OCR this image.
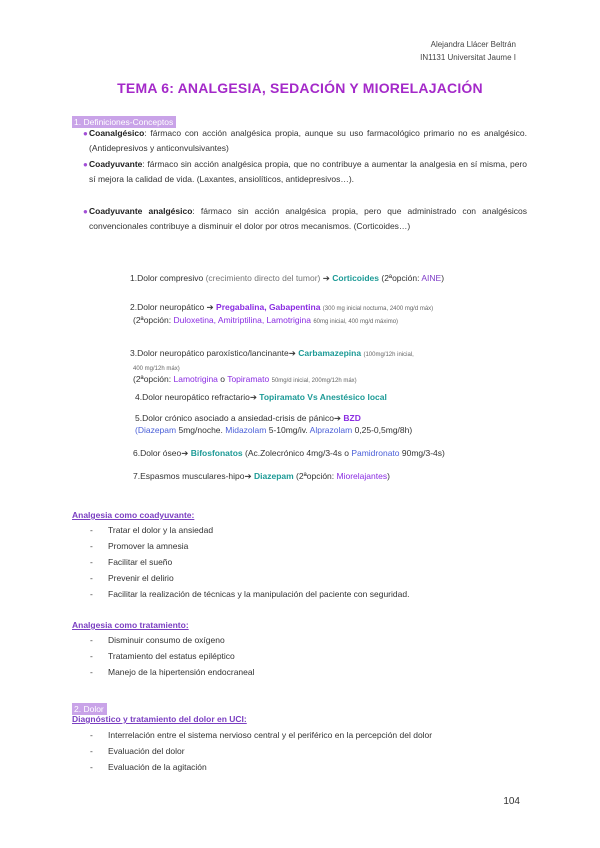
Alejandra Llácer Beltrán
IN1131 Universitat Jaume I
TEMA 6: ANALGESIA, SEDACIÓN Y MIORELAJACIÓN
1. Definiciones-Conceptos
● Coanalgésico: fármaco con acción analgésica propia, aunque su uso farmacológico primario no es analgésico. (Antidepresivos y anticonvulsivantes)
● Coadyuvante: fármaco sin acción analgésica propia, que no contribuye a aumentar la analgesia en sí misma, pero sí mejora la calidad de vida. (Laxantes, ansiolíticos, antidepresivos…).
● Coadyuvante analgésico: fármaco sin acción analgésica propia, pero que administrado con analgésicos convencionales contribuye a disminuir el dolor por otros mecanismos. (Corticoides…)
1.Dolor compresivo (crecimiento directo del tumor) ➔ Corticoides (2ªopción: AINE)
2.Dolor neuropático ➔ Pregabalina, Gabapentina (300 mg inicial nocturna, 2400 mg/d máx)
(2ªopción: Duloxetina, Amitriptilina, Lamotrigina 60mg inicial, 400 mg/d máximo)
3.Dolor neuropático paroxístico/lancinante➔ Carbamazepina (100mg/12h inicial,
400 mg/12h máx)
(2ªopción: Lamotrigina o Topiramato 50mg/d inicial, 200mg/12h máx)
4.Dolor neuropático refractario➔ Topiramato Vs Anestésico local
5.Dolor crónico asociado a ansiedad-crisis de pánico➔ BZD
(Diazepam 5mg/noche. Midazolam 5-10mg/iv. Alprazolam 0,25-0,5mg/8h)
6.Dolor óseo➔ Bifosfonatos (Ac.Zolecrónico 4mg/3-4s o Pamidronato 90mg/3-4s)
7.Espasmos musculares-hipo➔ Diazepam (2ªopción: Miorelajantes)
Analgesia como coadyuvante:
- Tratar el dolor y la ansiedad
- Promover la amnesia
- Facilitar el sueño
- Prevenir el delirio
- Facilitar la realización de técnicas y la manipulación del paciente con seguridad.
Analgesia como tratamiento:
- Disminuir consumo de oxígeno
- Tratamiento del estatus epiléptico
- Manejo de la hipertensión endocraneal
2. Dolor
Diagnóstico y tratamiento del dolor en UCI:
- Interrelación entre el sistema nervioso central y el periférico en la percepción del dolor
- Evaluación del dolor
- Evaluación de la agitación
104
